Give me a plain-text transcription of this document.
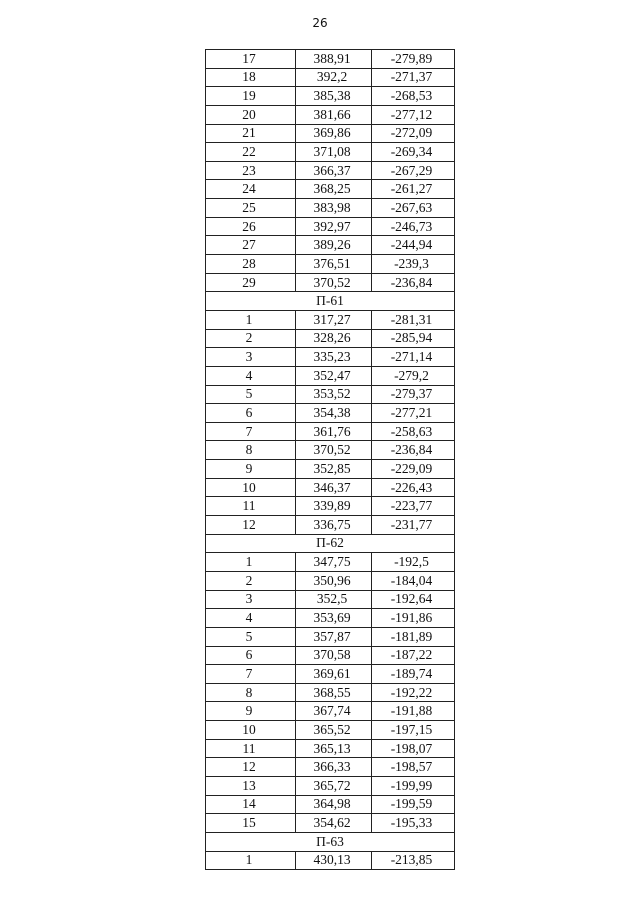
26
17	388,91	-279,89
18	392,2	-271,37
19	385,38	-268,53
20	381,66	-277,12
21	369,86	-272,09
22	371,08	-269,34
23	366,37	-267,29
24	368,25	-261,27
25	383,98	-267,63
26	392,97	-246,73
27	389,26	-244,94
28	376,51	-239,3
29	370,52	-236,84
П-61		
1	317,27	-281,31
2	328,26	-285,94
3	335,23	-271,14
4	352,47	-279,2
5	353,52	-279,37
6	354,38	-277,21
7	361,76	-258,63
8	370,52	-236,84
9	352,85	-229,09
10	346,37	-226,43
11	339,89	-223,77
12	336,75	-231,77
П-62		
1	347,75	-192,5
2	350,96	-184,04
3	352,5	-192,64
4	353,69	-191,86
5	357,87	-181,89
6	370,58	-187,22
7	369,61	-189,74
8	368,55	-192,22
9	367,74	-191,88
10	365,52	-197,15
11	365,13	-198,07
12	366,33	-198,57
13	365,72	-199,99
14	364,98	-199,59
15	354,62	-195,33
П-63		
1	430,13	-213,85
